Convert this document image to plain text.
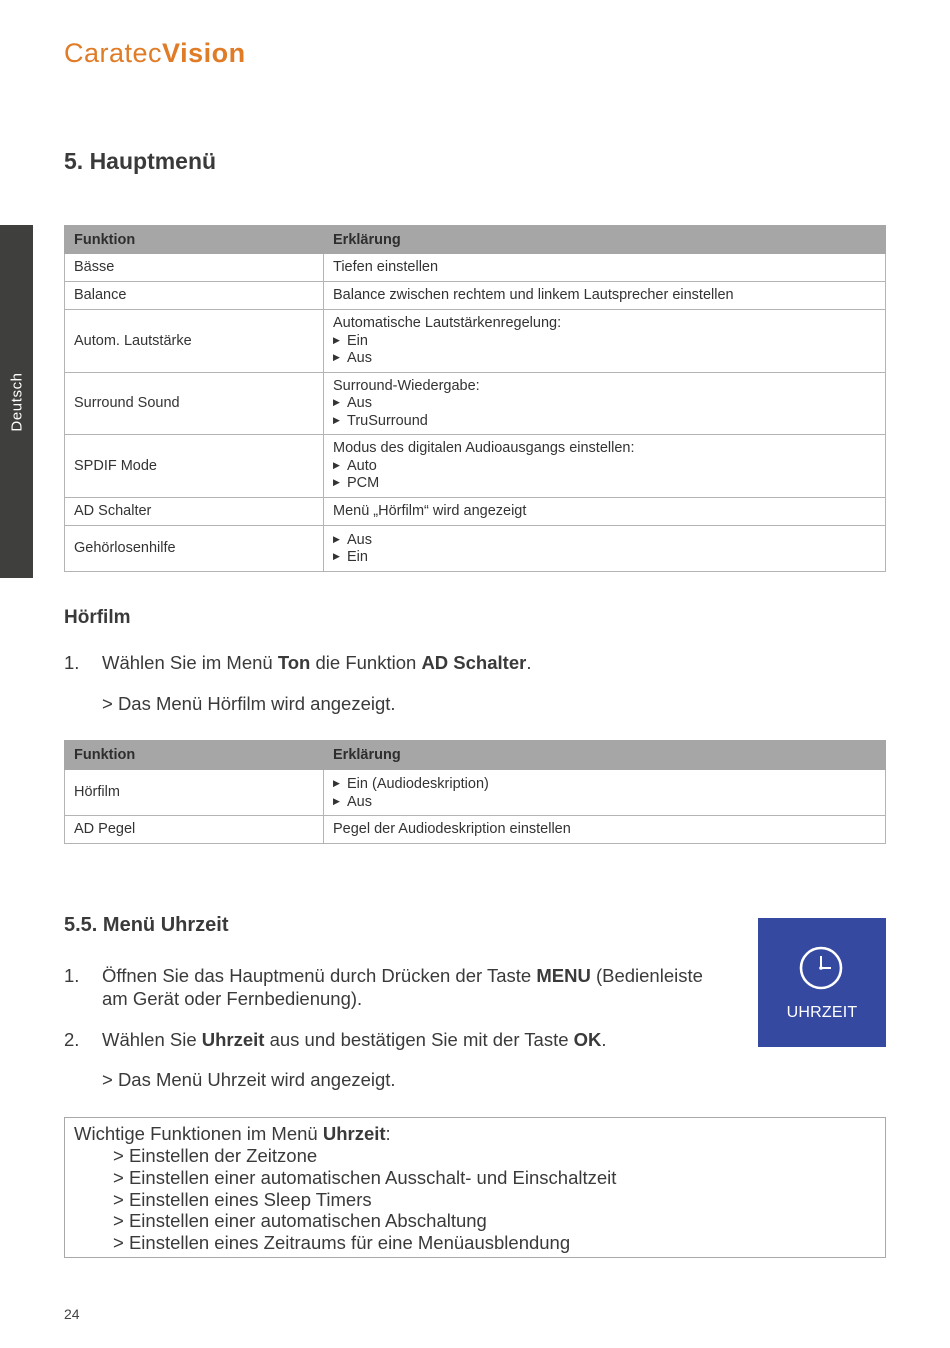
CaratecVision
Deutsch
5. Hauptmenü
Funktion	Erklärung
Bässe	Tiefen einstellen
Balance	Balance zwischen rechtem und linkem Lautsprecher einstellen
Autom. Lautstärke	Automatische Lautstärkenregelung:
▶ Ein
▶ Aus

Surround Sound	Surround-Wiedergabe:
▶ Aus
▶ TruSurround

SPDIF Mode	Modus des digitalen Audioausgangs einstellen:
▶ Auto
▶ PCM

AD Schalter	Menü „Hörfilm“ wird angezeigt
Gehörlosenhilfe	▶ Aus
▶ Ein
Hörfilm
1. Wählen Sie im Menü Ton die Funktion AD Schalter.
> Das Menü Hörfilm wird angezeigt.
Funktion	Erklärung
Hörfilm	▶ Ein (Audiodeskription)
▶ Aus

AD Pegel	Pegel der Audiodeskription einstellen
5.5. Menü Uhrzeit
1. Öffnen Sie das Hauptmenü durch Drücken der Taste MENU (Bedienleiste am Gerät oder Fernbedienung).
2. Wählen Sie Uhrzeit aus und bestätigen Sie mit der Taste OK.
> Das Menü Uhrzeit wird angezeigt.
UHRZEIT
Wichtige Funktionen im Menü Uhrzeit:
> Einstellen der Zeitzone
> Einstellen einer automatischen Ausschalt- und Einschaltzeit
> Einstellen eines Sleep Timers
> Einstellen einer automatischen Abschaltung
> Einstellen eines Zeitraums für eine Menüausblendung
24
